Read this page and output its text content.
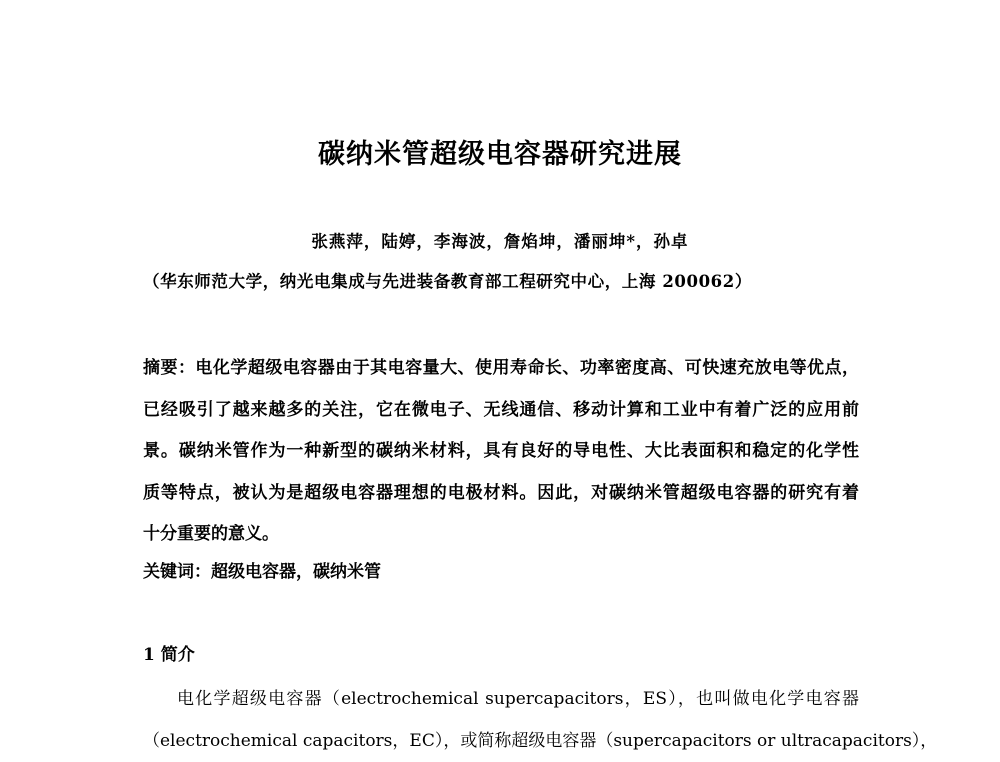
碳纳米管超级电容器研究进展
张燕萍，陆婷，李海波，詹焰坤，潘丽坤*，孙卓
（华东师范大学，纳光电集成与先进装备教育部工程研究中心，上海 200062）
摘要：电化学超级电容器由于其电容量大、使用寿命长、功率密度高、可快速充放电等优点，
已经吸引了越来越多的关注，它在微电子、无线通信、移动计算和工业中有着广泛的应用前
景。碳纳米管作为一种新型的碳纳米材料，具有良好的导电性、大比表面积和稳定的化学性
质等特点，被认为是超级电容器理想的电极材料。因此，对碳纳米管超级电容器的研究有着
十分重要的意义。
关键词：超级电容器，碳纳米管
1 简介
电化学超级电容器（electrochemical supercapacitors，ES），也叫做电化学电容器
（electrochemical capacitors，EC），或简称超级电容器（supercapacitors or ultracapacitors），
